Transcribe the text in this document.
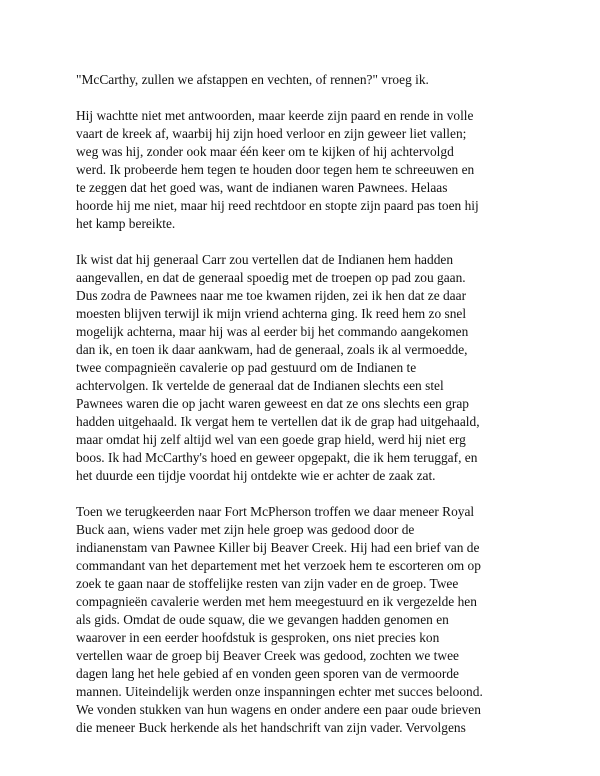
"McCarthy, zullen we afstappen en vechten, of rennen?" vroeg ik.

Hij wachtte niet met antwoorden, maar keerde zijn paard en rende in volle
vaart de kreek af, waarbij hij zijn hoed verloor en zijn geweer liet vallen;
weg was hij, zonder ook maar één keer om te kijken of hij achtervolgd
werd. Ik probeerde hem tegen te houden door tegen hem te schreeuwen en
te zeggen dat het goed was, want de indianen waren Pawnees. Helaas
hoorde hij me niet, maar hij reed rechtdoor en stopte zijn paard pas toen hij
het kamp bereikte.

Ik wist dat hij generaal Carr zou vertellen dat de Indianen hem hadden
aangevallen, en dat de generaal spoedig met de troepen op pad zou gaan.
Dus zodra de Pawnees naar me toe kwamen rijden, zei ik hen dat ze daar
moesten blijven terwijl ik mijn vriend achterna ging. Ik reed hem zo snel
mogelijk achterna, maar hij was al eerder bij het commando aangekomen
dan ik, en toen ik daar aankwam, had de generaal, zoals ik al vermoedde,
twee compagnieën cavalerie op pad gestuurd om de Indianen te
achtervolgen. Ik vertelde de generaal dat de Indianen slechts een stel
Pawnees waren die op jacht waren geweest en dat ze ons slechts een grap
hadden uitgehaald. Ik vergat hem te vertellen dat ik de grap had uitgehaald,
maar omdat hij zelf altijd wel van een goede grap hield, werd hij niet erg
boos. Ik had McCarthy's hoed en geweer opgepakt, die ik hem teruggaf, en
het duurde een tijdje voordat hij ontdekte wie er achter de zaak zat.

Toen we terugkeerden naar Fort McPherson troffen we daar meneer Royal
Buck aan, wiens vader met zijn hele groep was gedood door de
indianenstam van Pawnee Killer bij Beaver Creek. Hij had een brief van de
commandant van het departement met het verzoek hem te escorteren om op
zoek te gaan naar de stoffelijke resten van zijn vader en de groep. Twee
compagnieën cavalerie werden met hem meegestuurd en ik vergezelde hen
als gids. Omdat de oude squaw, die we gevangen hadden genomen en
waarover in een eerder hoofdstuk is gesproken, ons niet precies kon
vertellen waar de groep bij Beaver Creek was gedood, zochten we twee
dagen lang het hele gebied af en vonden geen sporen van de vermoorde
mannen. Uiteindelijk werden onze inspanningen echter met succes beloond.
We vonden stukken van hun wagens en onder andere een paar oude brieven
die meneer Buck herkende als het handschrift van zijn vader. Vervolgens
